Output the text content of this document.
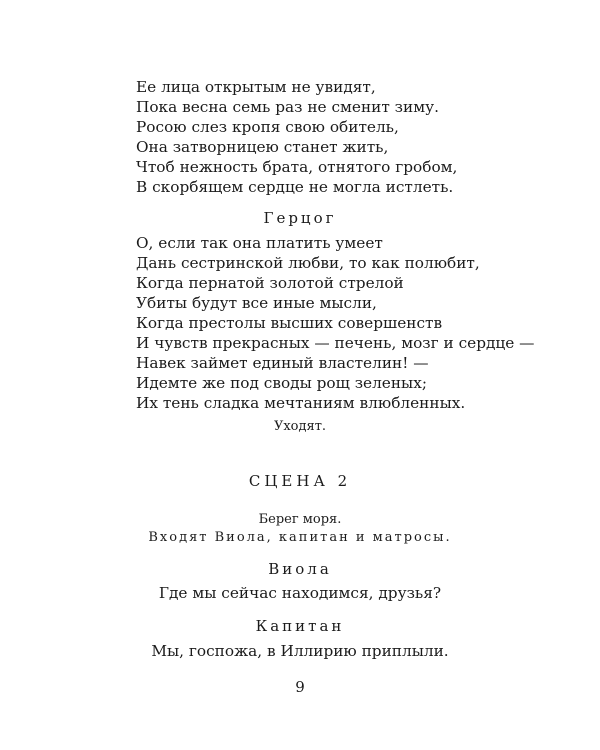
Ее лица открытым не увидят,
Пока весна семь раз не сменит зиму.
Росою слез кропя свою обитель,
Она затворницею станет жить,
Чтоб нежность брата, отнятого гробом,
В скорбящем сердце не могла истлеть.
Герцог
О, если так она платить умеет
Дань сестринской любви, то как полюбит,
Когда пернатой золотой стрелой
Убиты будут все иные мысли,
Когда престолы высших совершенств
И чувств прекрасных — печень, мозг и сердце —
Навек займет единый властелин! —
Идемте же под своды рощ зеленых;
Их тень сладка мечтаниям влюбленных.
Уходят.
СЦЕНА 2
Берег моря.
Входят Виола, капитан и матросы.
Виола
Где мы сейчас находимся, друзья?
Капитан
Мы, госпожа, в Иллирию приплыли.
9
